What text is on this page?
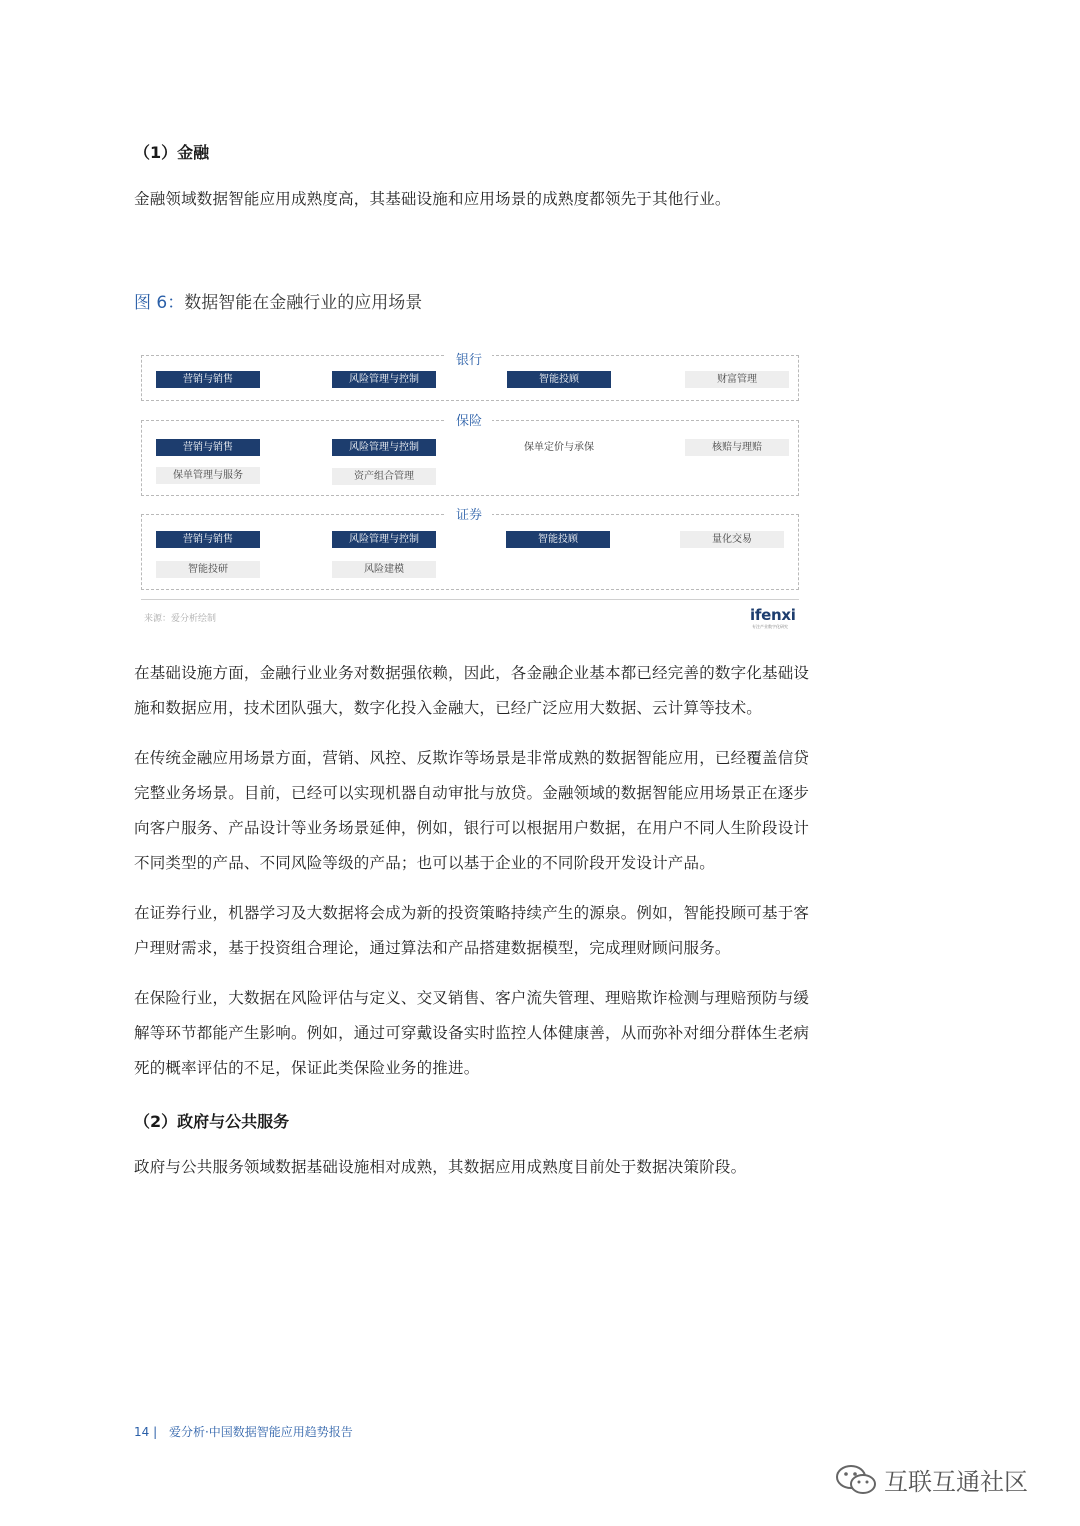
（1）金融
金融领域数据智能应用成熟度高，其基础设施和应用场景的成熟度都领先于其他行业。
图 6：数据智能在金融行业的应用场景
银行
营销与销售	风险管理与控制	智能投顾	财富管理
保险
营销与销售	风险管理与控制	保单定价与承保	核赔与理赔
保单管理与服务	资产组合管理
证券
营销与销售	风险管理与控制	智能投顾	量化交易
智能投研	风险建模
来源：爱分析绘制	ifenxi
专注产业数字化研究
在基础设施方面，金融行业业务对数据强依赖，因此，各金融企业基本都已经完善的数字化基础设
施和数据应用，技术团队强大，数字化投入金融大，已经广泛应用大数据、云计算等技术。
在传统金融应用场景方面，营销、风控、反欺诈等场景是非常成熟的数据智能应用，已经覆盖信贷
完整业务场景。目前，已经可以实现机器自动审批与放贷。金融领域的数据智能应用场景正在逐步
向客户服务、产品设计等业务场景延伸，例如，银行可以根据用户数据，在用户不同人生阶段设计
不同类型的产品、不同风险等级的产品；也可以基于企业的不同阶段开发设计产品。
在证券行业，机器学习及大数据将会成为新的投资策略持续产生的源泉。例如，智能投顾可基于客
户理财需求，基于投资组合理论，通过算法和产品搭建数据模型，完成理财顾问服务。
在保险行业，大数据在风险评估与定义、交叉销售、客户流失管理、理赔欺诈检测与理赔预防与缓
解等环节都能产生影响。例如，通过可穿戴设备实时监控人体健康善，从而弥补对细分群体生老病
死的概率评估的不足，保证此类保险业务的推进。
（2）政府与公共服务
政府与公共服务领域数据基础设施相对成熟，其数据应用成熟度目前处于数据决策阶段。
14 | 爱分析·中国数据智能应用趋势报告
互联互通社区
